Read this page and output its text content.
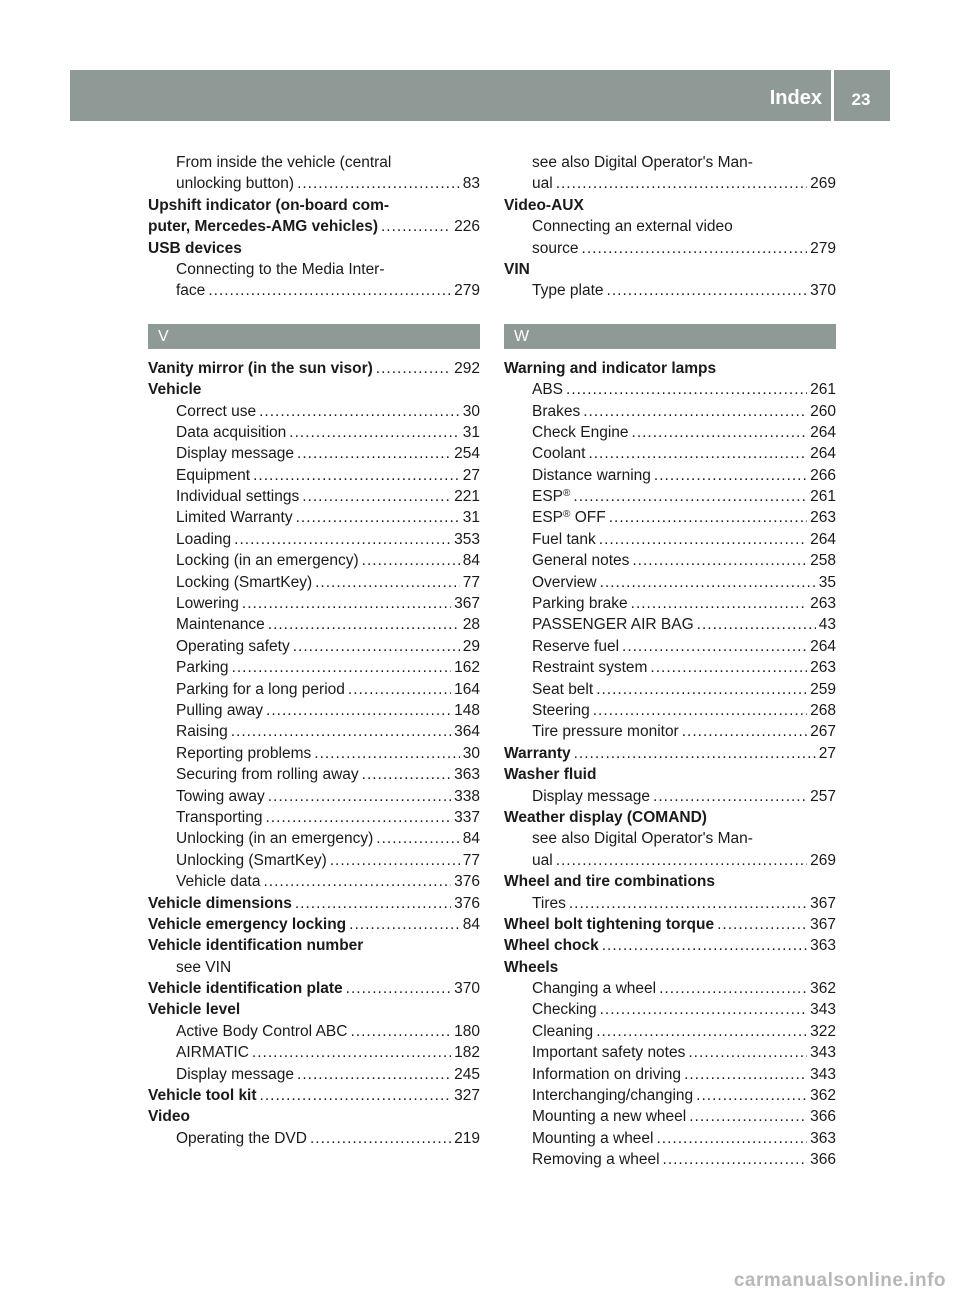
Index	23
From inside the vehicle (central
unlocking button) .....	83
Upshift indicator (on-board com-
puter, Mercedes-AMG vehicles) .....	226
USB devices
Connecting to the Media Inter-
face .....	279
V
Vanity mirror (in the sun visor) .....	292
Vehicle
Correct use .....	30
Data acquisition .....	31
Display message .....	254
Equipment .....	27
Individual settings .....	221
Limited Warranty .....	31
Loading .....	353
Locking (in an emergency) .....	84
Locking (SmartKey) .....	77
Lowering .....	367
Maintenance .....	28
Operating safety .....	29
Parking .....	162
Parking for a long period .....	164
Pulling away .....	148
Raising .....	364
Reporting problems .....	30
Securing from rolling away .....	363
Towing away .....	338
Transporting .....	337
Unlocking (in an emergency) .....	84
Unlocking (SmartKey) .....	77
Vehicle data .....	376
Vehicle dimensions .....	376
Vehicle emergency locking .....	84
Vehicle identification number
see VIN
Vehicle identification plate .....	370
Vehicle level
Active Body Control ABC .....	180
AIRMATIC .....	182
Display message .....	245
Vehicle tool kit .....	327
Video
Operating the DVD .....	219
see also Digital Operator's Man-
ual .....	269
Video-AUX
Connecting an external video
source .....	279
VIN
Type plate .....	370
W
Warning and indicator lamps
ABS .....	261
Brakes .....	260
Check Engine .....	264
Coolant .....	264
Distance warning .....	266
ESP® .....	261
ESP® OFF .....	263
Fuel tank .....	264
General notes .....	258
Overview .....	35
Parking brake .....	263
PASSENGER AIR BAG .....	43
Reserve fuel .....	264
Restraint system .....	263
Seat belt .....	259
Steering .....	268
Tire pressure monitor .....	267
Warranty .....	27
Washer fluid
Display message .....	257
Weather display (COMAND)
see also Digital Operator's Man-
ual .....	269
Wheel and tire combinations
Tires .....	367
Wheel bolt tightening torque .....	367
Wheel chock .....	363
Wheels
Changing a wheel .....	362
Checking .....	343
Cleaning .....	322
Important safety notes .....	343
Information on driving .....	343
Interchanging/changing .....	362
Mounting a new wheel .....	366
Mounting a wheel .....	363
Removing a wheel .....	366
carmanualsonline.info
